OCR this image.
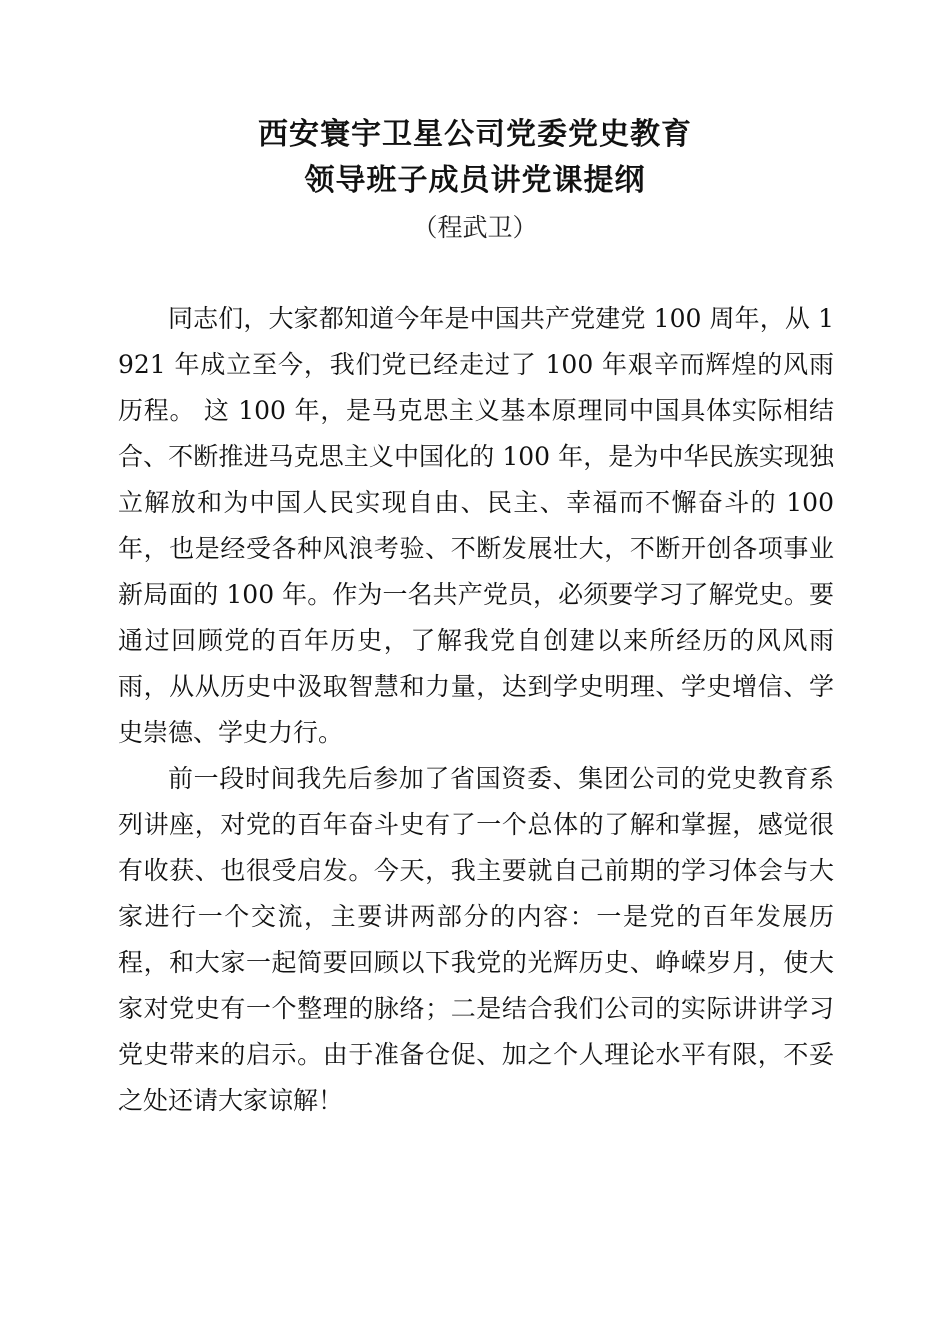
西安寰宇卫星公司党委党史教育
领导班子成员讲党课提纲
（程武卫）

同志们，大家都知道今年是中国共产党建党 100 周年，从 1921 年成立至今，我们党已经走过了 100 年艰辛而辉煌的风雨历程。 这 100 年，是马克思主义基本原理同中国具体实际相结合、不断推进马克思主义中国化的 100 年，是为中华民族实现独立解放和为中国人民实现自由、民主、幸福而不懈奋斗的 100 年，也是经受各种风浪考验、不断发展壮大，不断开创各项事业新局面的 100 年。作为一名共产党员，必须要学习了解党史。要通过回顾党的百年历史，了解我党自创建以来所经历的风风雨雨，从从历史中汲取智慧和力量，达到学史明理、学史增信、学史崇德、学史力行。

前一段时间我先后参加了省国资委、集团公司的党史教育系列讲座，对党的百年奋斗史有了一个总体的了解和掌握，感觉很有收获、也很受启发。今天，我主要就自己前期的学习体会与大家进行一个交流，主要讲两部分的内容：一是党的百年发展历程，和大家一起简要回顾以下我党的光辉历史、峥嵘岁月，使大家对党史有一个整理的脉络；二是结合我们公司的实际讲讲学习党史带来的启示。由于准备仓促、加之个人理论水平有限，不妥之处还请大家谅解！
